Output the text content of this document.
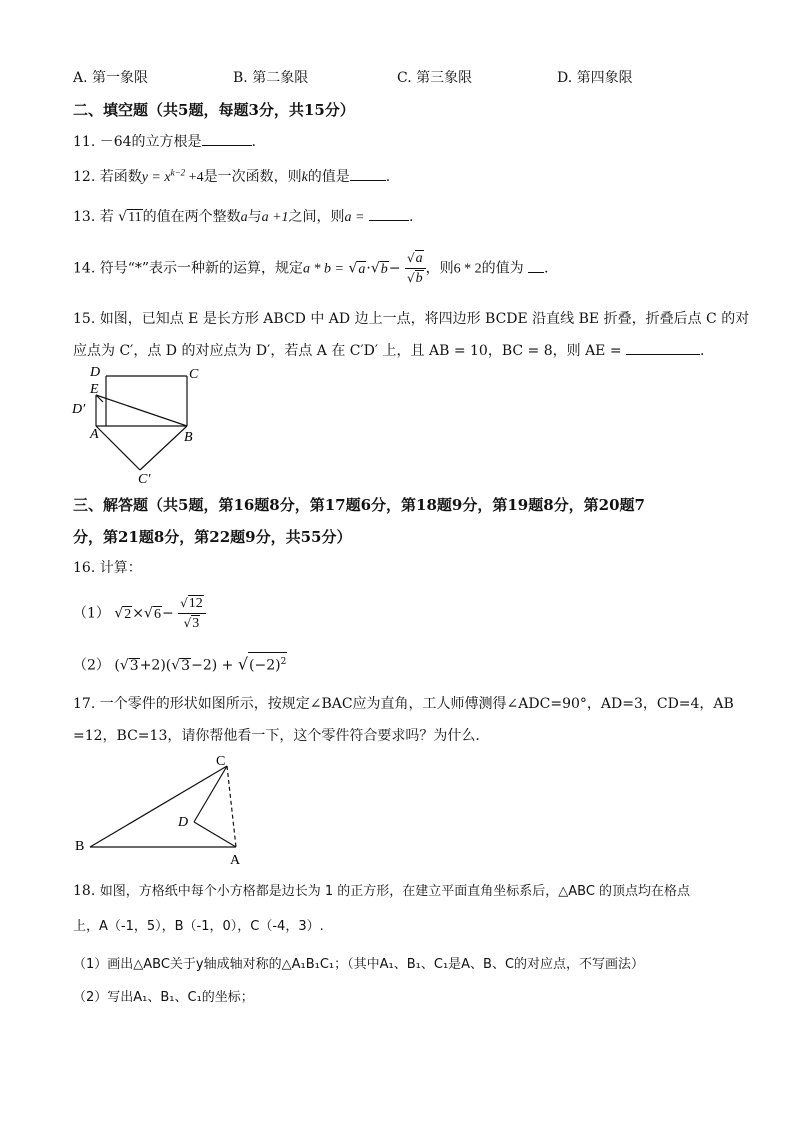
A. 第一象限	B. 第二象限	C. 第三象限	D. 第四象限
二、填空题（共5题，每题3分，共15分）
11. －64的立方根是	.
12. 若函数$y = x^{k-2} +4$是一次函数，则k的值是	.
13. 若 √11的值在两个整数a与a +1之间，则a =	.
14. 符号“*”表示一种新的运算，规定$a * b = √a\cdot√b- \frac{√a}{√b}$ ，则6 * 2的值为 .
15. 如图，已知点 E 是长方形 ABCD 中 AD 边上一点，将四边形 BCDE 沿直线 BE 折叠，折叠后点 C 的对
应点为 C′，点 D 的对应点为 D′，若点 A 在 C′D′ 上，且 AB = 10，BC = 8，则 AE =	.
D	C
E
D′
A	B
C′
三、解答题（共5题，第16题8分，第17题6分，第18题9分，第19题8分，第20题7
分，第21题8分，第22题9分，共55分）
16. 计算：
（1） $√2\times√6- \frac{√12}{√3}$
（2） $(√3+2)(√3-2) + √(-2)^2$
17. 一个零件的形状如图所示，按规定∠BAC应为直角，工人师傅测得∠ADC=90°，AD=3，CD=4，AB
=12，BC=13，请你帮他看一下，这个零件符合要求吗？为什么.
C
B
D
A
18. 如图，方格纸中每个小方格都是边长为 1 的正方形，在建立平面直角坐标系后，△ABC 的顶点均在格点
上，A（-1，5），B（-1，0），C（-4，3）.
（1）画出△ABC关于y轴成轴对称的△A₁B₁C₁；（其中A₁、B₁、C₁是A、B、C的对应点，不写画法）
（2）写出A₁、B₁、C₁的坐标；
